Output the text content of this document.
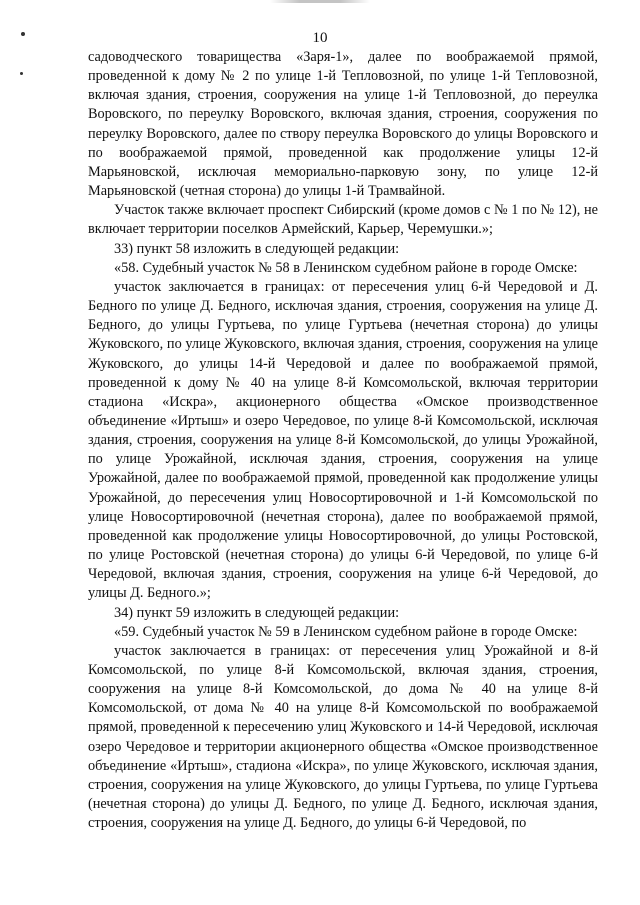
10

садоводческого товарищества «Заря-1», далее по воображаемой прямой, проведенной к дому № 2 по улице 1-й Тепловозной, по улице 1-й Тепловозной, включая здания, строения, сооружения на улице 1-й Тепловозной, до переулка Воровского, по переулку Воровского, включая здания, строения, сооружения по переулку Воровского, далее по створу переулка Воровского до улицы Воровского и по воображаемой прямой, проведенной как продолжение улицы 12-й Марьяновской, исключая мемориально-парковую зону, по улице 12-й Марьяновской (четная сторона) до улицы 1-й Трамвайной.

Участок также включает проспект Сибирский (кроме домов с № 1 по № 12), не включает территории поселков Армейский, Карьер, Черемушки.»;

33) пункт 58 изложить в следующей редакции:

«58. Судебный участок № 58 в Ленинском судебном районе в городе Омске:

участок заключается в границах: от пересечения улиц 6-й Чередовой и Д. Бедного по улице Д. Бедного, исключая здания, строения, сооружения на улице Д. Бедного, до улицы Гуртьева, по улице Гуртьева (нечетная сторона) до улицы Жуковского, по улице Жуковского, включая здания, строения, сооружения на улице Жуковского, до улицы 14-й Чередовой и далее по воображаемой прямой, проведенной к дому № 40 на улице 8-й Комсомольской, включая территории стадиона «Искра», акционерного общества «Омское производственное объединение «Иртыш» и озеро Чередовое, по улице 8-й Комсомольской, исключая здания, строения, сооружения на улице 8-й Комсомольской, до улицы Урожайной, по улице Урожайной, исключая здания, строения, сооружения на улице Урожайной, далее по воображаемой прямой, проведенной как продолжение улицы Урожайной, до пересечения улиц Новосортировочной и 1-й Комсомольской по улице Новосортировочной (нечетная сторона), далее по воображаемой прямой, проведенной как продолжение улицы Новосортировочной, до улицы Ростовской, по улице Ростовской (нечетная сторона) до улицы 6-й Чередовой, по улице 6-й Чередовой, включая здания, строения, сооружения на улице 6-й Чередовой, до улицы Д. Бедного.»;

34) пункт 59 изложить в следующей редакции:

«59. Судебный участок № 59 в Ленинском судебном районе в городе Омске:

участок заключается в границах: от пересечения улиц Урожайной и 8-й Комсомольской, по улице 8-й Комсомольской, включая здания, строения, сооружения на улице 8-й Комсомольской, до дома № 40 на улице 8-й Комсомольской, от дома № 40 на улице 8-й Комсомольской по воображаемой прямой, проведенной к пересечению улиц Жуковского и 14-й Чередовой, исключая озеро Чередовое и территории акционерного общества «Омское производственное объединение «Иртыш», стадиона «Искра», по улице Жуковского, исключая здания, строения, сооружения на улице Жуковского, до улицы Гуртьева, по улице Гуртьева (нечетная сторона) до улицы Д. Бедного, по улице Д. Бедного, исключая здания, строения, сооружения на улице Д. Бедного, до улицы 6-й Чередовой, по
